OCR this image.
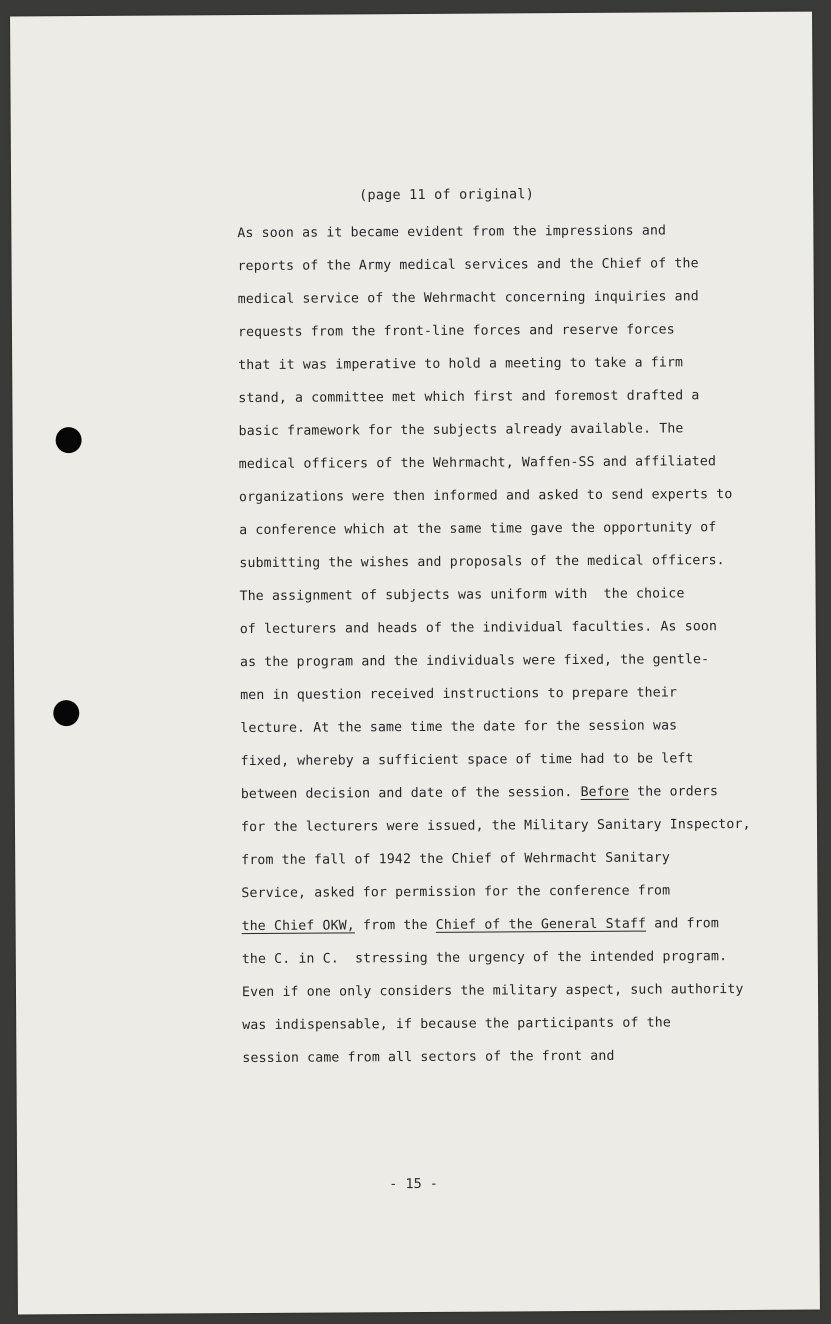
(page 11 of original)
As soon as it became evident from the impressions and
reports of the Army medical services and the Chief of the
medical service of the Wehrmacht concerning inquiries and
requests from the front-line forces and reserve forces
that it was imperative to hold a meeting to take a firm
stand, a committee met which first and foremost drafted a
basic framework for the subjects already available. The
medical officers of the Wehrmacht, Waffen-SS and affiliated
organizations were then informed and asked to send experts to
a conference which at the same time gave the opportunity of
submitting the wishes and proposals of the medical officers.
The assignment of subjects was uniform with  the choice
of lecturers and heads of the individual faculties. As soon
as the program and the individuals were fixed, the gentle-
men in question received instructions to prepare their
lecture. At the same time the date for the session was
fixed, whereby a sufficient space of time had to be left
between decision and date of the session. Before the orders
for the lecturers were issued, the Military Sanitary Inspector,
from the fall of 1942 the Chief of Wehrmacht Sanitary
Service, asked for permission for the conference from
the Chief OKW, from the Chief of the General Staff and from
the C. in C.  stressing the urgency of the intended program.
Even if one only considers the military aspect, such authority
was indispensable, if because the participants of the
session came from all sectors of the front and
- 15 -
